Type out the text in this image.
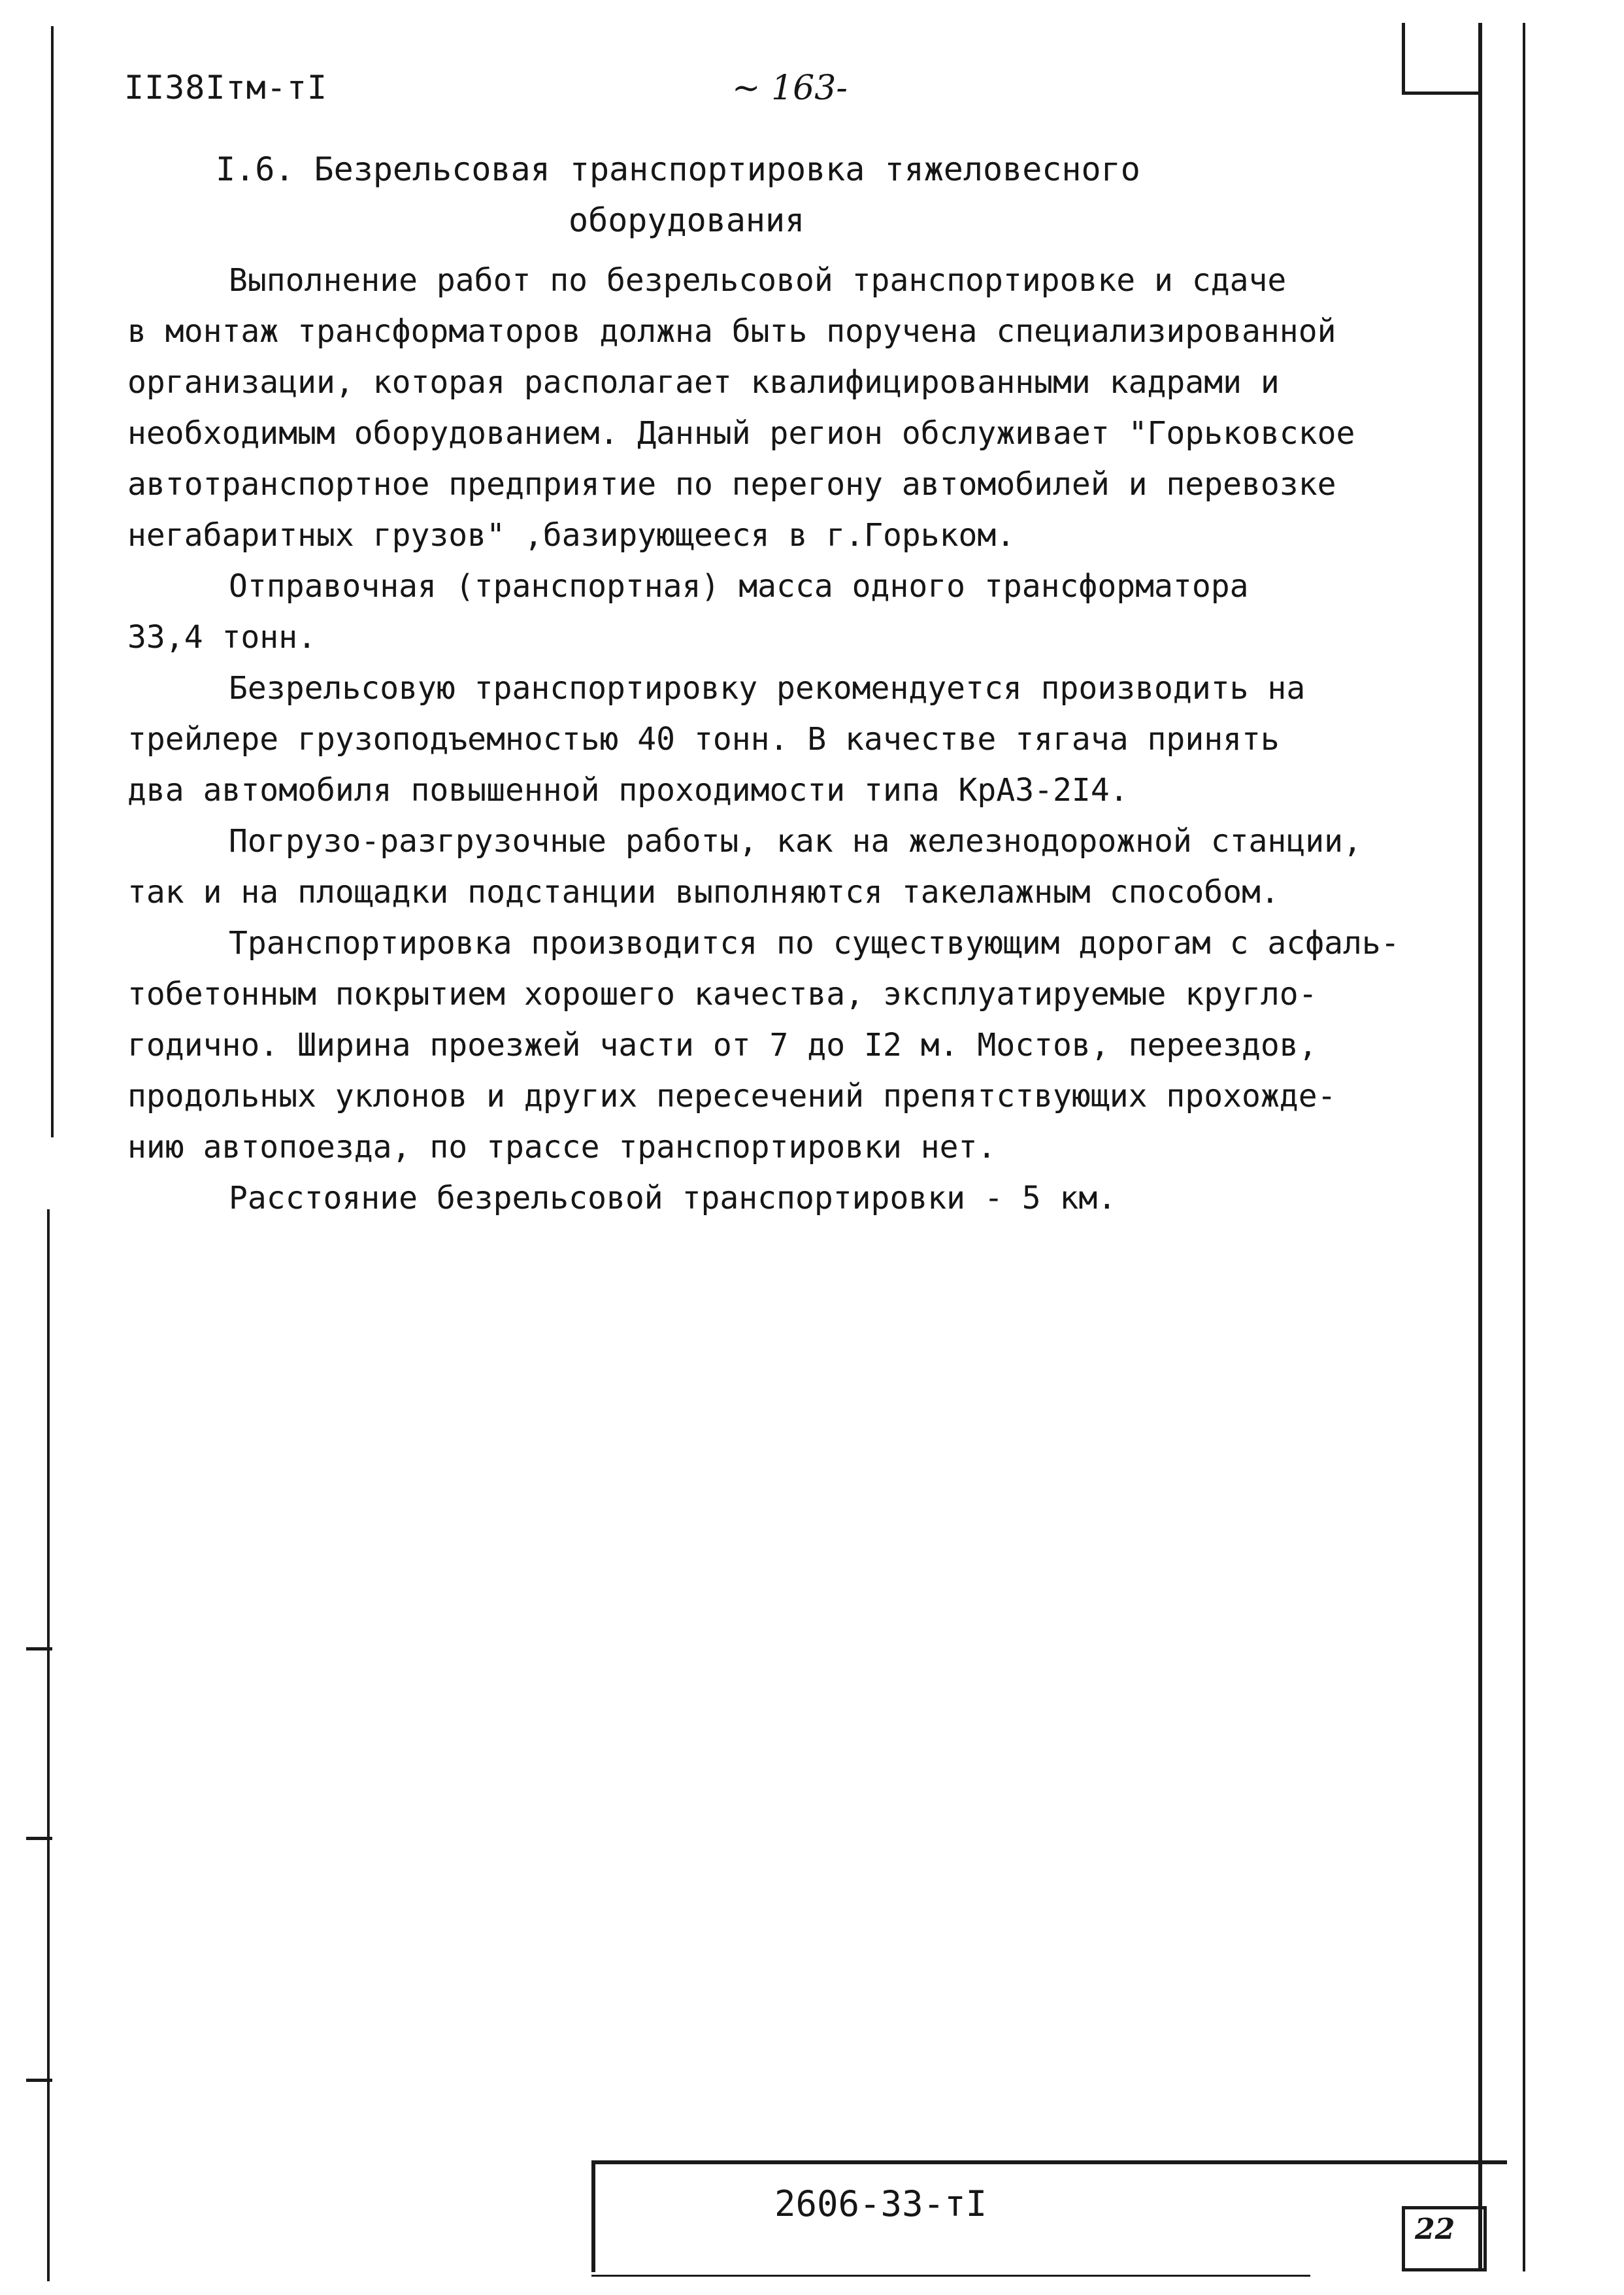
II38Iтм-тI	~ 163-
I.6. Безрельсовая транспортировка тяжеловесного
оборудования

Выполнение работ по безрельсовой транспортировке и сдаче

в монтаж трансформаторов должна быть поручена специализированной

организации, которая располагает квалифицированными кадрами и

необходимым оборудованием. Данный регион обслуживает "Горьковское

автотранспортное предприятие по перегону автомобилей и перевозке

негабаритных грузов" ,базирующееся в г.Горьком.

Отправочная (транспортная) масса одного трансформатора

33,4 тонн.

Безрельсовую транспортировку рекомендуется производить на

трейлере грузоподъемностью 40 тонн. В качестве тягача принять

два автомобиля повышенной проходимости типа КрАЗ-2I4.

Погрузо-разгрузочные работы, как на железнодорожной станции,

так и на площадки подстанции выполняются такелажным способом.

Транспортировка производится по существующим дорогам с асфаль-

тобетонным покрытием хорошего качества, эксплуатируемые кругло-

годично. Ширина проезжей части от 7 до I2 м. Мостов, переездов,

продольных уклонов и других пересечений препятствующих прохожде-

нию автопоезда, по трассе транспортировки нет.

Расстояние безрельсовой транспортировки - 5 км.

2606-33-тI
22
